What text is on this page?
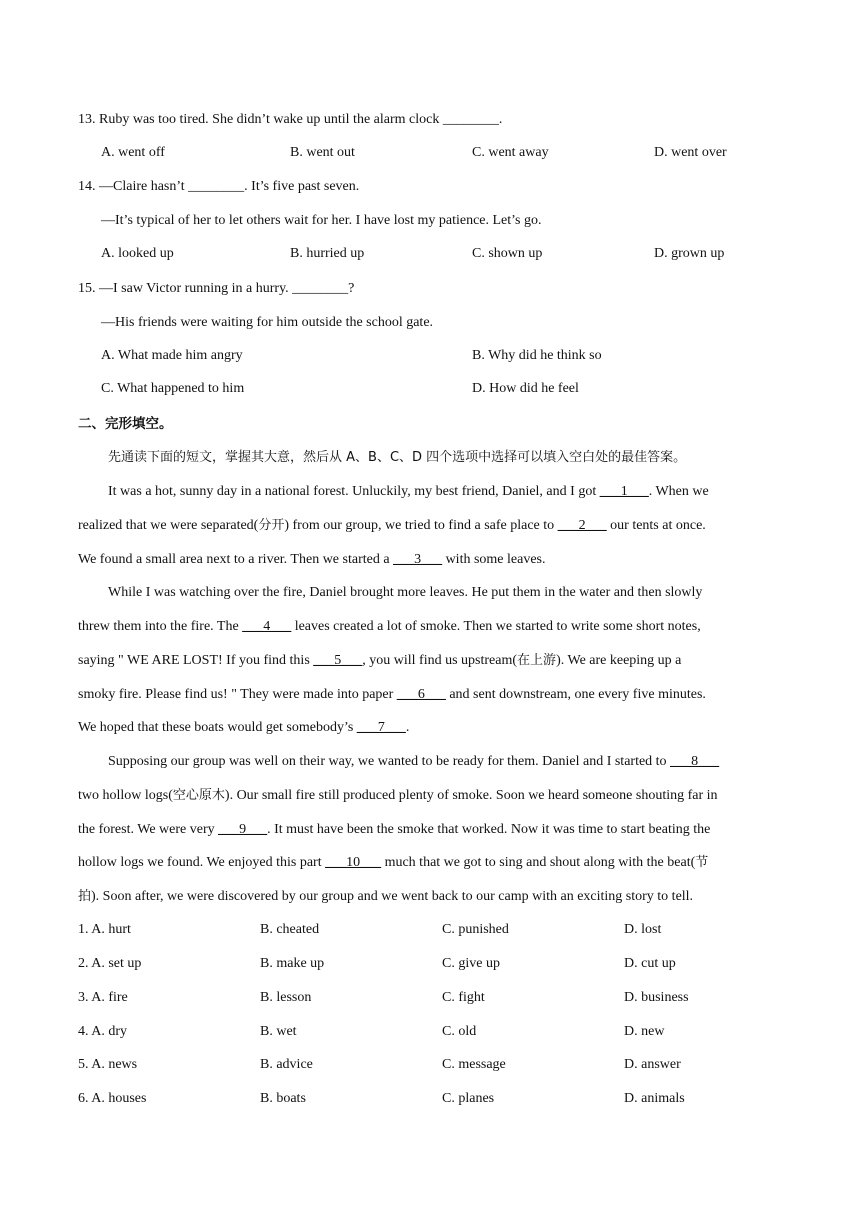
13. Ruby was too tired. She didn’t wake up until the alarm clock ________.
A. went off	B. went out	C. went away	D. went over
14. —Claire hasn’t ________. It’s five past seven.
—It’s typical of her to let others wait for her. I have lost my patience. Let’s go.
A. looked up	B. hurried up	C. shown up	D. grown up
15. —I saw Victor running in a hurry. ________?
—His friends were waiting for him outside the school gate.
A. What made him angry	B. Why did he think so
C. What happened to him	D. How did he feel
二、完形填空。
先通读下面的短文，掌握其大意，然后从 A、B、C、D 四个选项中选择可以填入空白处的最佳答案。
It was a hot, sunny day in a national forest. Unluckily, my best friend, Daniel, and I got ___1___. When we
realized that we were separated(分开) from our group, we tried to find a safe place to ___2___ our tents at once.
We found a small area next to a river. Then we started a ___3___ with some leaves.
While I was watching over the fire, Daniel brought more leaves. He put them in the water and then slowly
threw them into the fire. The ___4___ leaves created a lot of smoke. Then we started to write some short notes,
saying " WE ARE LOST! If you find this ___5___, you will find us upstream(在上游). We are keeping up a
smoky fire. Please find us! " They were made into paper ___6___ and sent downstream, one every five minutes.
We hoped that these boats would get somebody’s ___7___.
Supposing our group was well on their way, we wanted to be ready for them. Daniel and I started to ___8___
two hollow logs(空心原木). Our small fire still produced plenty of smoke. Soon we heard someone shouting far in
the forest. We were very ___9___. It must have been the smoke that worked. Now it was time to start beating the
hollow logs we found. We enjoyed this part ___10___ much that we got to sing and shout along with the beat(节
拍). Soon after, we were discovered by our group and we went back to our camp with an exciting story to tell.
1. A. hurt	B. cheated	C. punished	D. lost
2. A. set up	B. make up	C. give up	D. cut up
3. A. fire	B. lesson	C. fight	D. business
4. A. dry	B. wet	C. old	D. new
5. A. news	B. advice	C. message	D. answer
6. A. houses	B. boats	C. planes	D. animals
